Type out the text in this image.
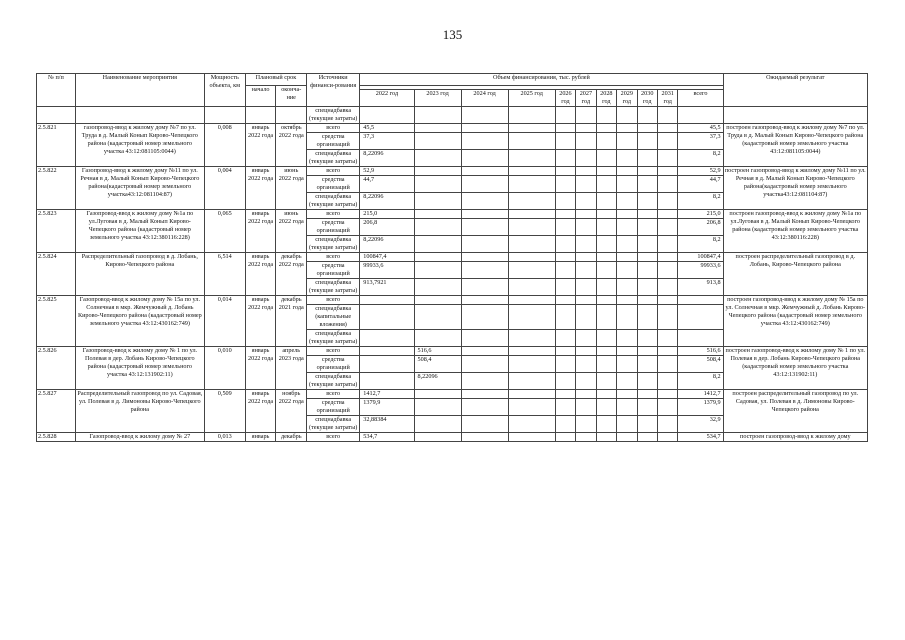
135
№ п/п	Наименование мероприятия	Мощность объекта, км	Плановый срок		Источники финанси-рования	Объем финансирования, тыс. рублей											Ожидаемый результат
			начало	оконча-ние													
						2022 год	2023 год	2024 год	2025 год	2026 год	2027 год	2028 год	2029 год	2030 год	2031 год	всего	
					спецнадбавка (текущие затраты)												
2.5.821	газопровод-ввод к жилому дому №7 по ул. Труда в д. Малый Конып Кирово-Чепецкого района (кадастровый номер земельного участка 43:12:081105:0044)	0,008	январь 2022 года	октябрь 2022 года	всего	45,5										45,5	построен газопровод-ввод к жилому дому №7 по ул. Труда в д. Малый Конып Кирово-Чепецкого района (кадастровый номер земельного участка 43:12:081105:0044)
					средства организаций	37,3										37,3	
					спецнадбавка (текущие затраты)	8,22096										8,2	
2.5.822	Газопровод-ввод к жилому дому №11 по ул. Речная в д. Малый Конып Кирово-Чепецкого района(кадастровый номер земельного участка43:12:081104:87)	0,004	январь 2022 года	июнь 2022 года	всего	52,9										52,9	построен газопровод-ввод к жилому дому №11 по ул. Речная в д. Малый Конып Кирово-Чепецкого района(кадастровый номер земельного участка43:12:081104:87)
					средства организаций	44,7										44,7	
					спецнадбавка (текущие затраты)	8,22096										8,2	
2.5.823	Газопровод-ввод к жилому дому №1а по ул.Луговая в д. Малый Конып Кирово-Чепецкого района (кадастровый номер земельного участка 43:12:380116:228)	0,065	январь 2022 года	июнь 2022 года	всего	215,0										215,0	построен газопровод-ввод к жилому дому №1а по ул.Луговая в д. Малый Конып Кирово-Чепецкого района (кадастровый номер земельного участка 43:12:380116:228)
					средства организаций	206,8										206,8	
					спецнадбавка (текущие затраты)	8,22096										8,2	
2.5.824	Распределительный газопровод в д. Лобань, Кирово-Чепецкого района	6,514	январь 2022 года	декабрь 2022 года	всего	100847,4										100847,4	построен распределительный газопровод в д. Лобань, Кирово-Чепецкого района
					средства организаций	99933,6										99933,6	
					спецнадбавка (текущие затраты)	913,7921										913,8	
2.5.825	Газопровод-ввод к жилому дому № 15а по ул. Солнечная в мкр. Жемчужный д. Лобань Кирово-Чепецкого района (кадастровый номер земельного участка 43:12:430162:749)	0,014	январь 2022 года	декабрь 2021 года	всего												построен газопровод-ввод к жилому дому № 15а по ул. Солнечная в мкр. Жемчужный д. Лобань Кирово-Чепецкого района (кадастровый номер земельного участка 43:12:430162:749)
					спецнадбавка (капитальные вложения)												
					спецнадбавка (текущие затраты)												
2.5.826	Газопровод-ввод к жилому дому № 1 по ул. Полевая в дер. Лобань Кирово-Чепецкого района (кадастровый номер земельного участка 43:12:131902:11)	0,010	январь 2022 года	апрель 2023 года	всего		516,6									516,6	построен газопровод-ввод к жилому дому № 1 по ул. Полевая в дер. Лобань Кирово-Чепецкого района (кадастровый номер земельного участка 43:12:131902:11)
					средства организаций		508,4									508,4	
					спецнадбавка (текущие затраты)		8,22096									8,2	
2.5.827	Распределительный газопровод по ул. Садовая, ул. Полевая в д. Лимоновы Кирово-Чепецкого района	0,509	январь 2022 года	ноябрь 2022 года	всего	1412,7										1412,7	построен распределительный газопровод по ул. Садовая, ул. Полевая в д. Лимоновы Кирово-Чепецкого района
					средства организаций	1379,9										1379,9	
					спецнадбавка (текущие затраты)	32,88384										32,9	
2.5.828	Газопровод-ввод к жилому дому № 27	0,013	январь	декабрь	всего	534,7										534,7	построен газопровод-ввод к жилому дому
